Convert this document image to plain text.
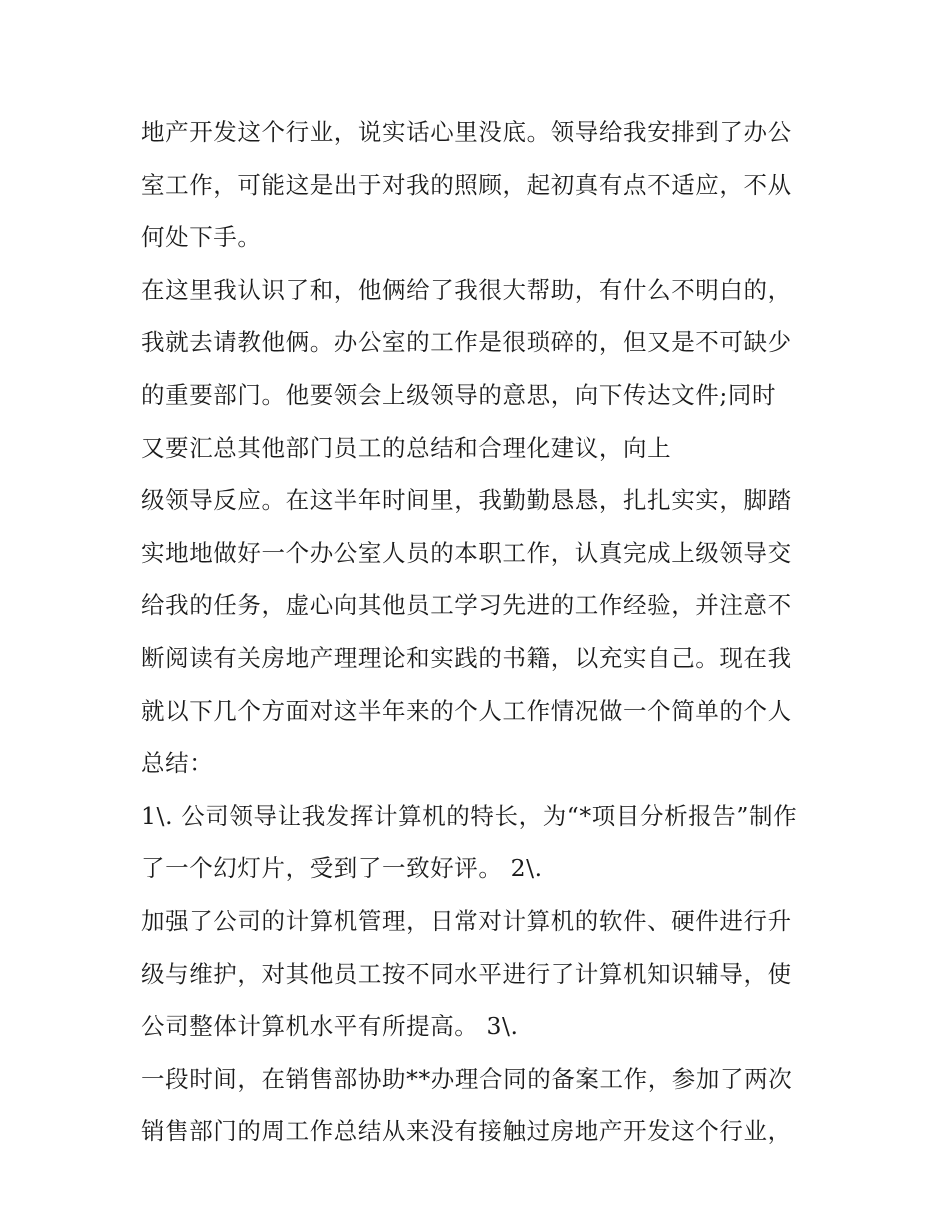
地产开发这个行业，说实话心里没底。领导给我安排到了办公
室工作，可能这是出于对我的照顾，起初真有点不适应，不从
何处下手。
在这里我认识了和，他俩给了我很大帮助，有什么不明白的，
我就去请教他俩。办公室的工作是很琐碎的，但又是不可缺少
的重要部门。他要领会上级领导的意思，向下传达文件;同时
又要汇总其他部门员工的总结和合理化建议，向上
级领导反应。在这半年时间里，我勤勤恳恳，扎扎实实，脚踏
实地地做好一个办公室人员的本职工作，认真完成上级领导交
给我的任务，虚心向其他员工学习先进的工作经验，并注意不
断阅读有关房地产理理论和实践的书籍，以充实自己。现在我
就以下几个方面对这半年来的个人工作情况做一个简单的个人
总结：
1\. 公司领导让我发挥计算机的特长，为“*项目分析报告”制作
了一个幻灯片，受到了一致好评。 2\.
加强了公司的计算机管理，日常对计算机的软件、硬件进行升
级与维护，对其他员工按不同水平进行了计算机知识辅导，使
公司整体计算机水平有所提高。 3\.
一段时间，在销售部协助**办理合同的备案工作，参加了两次
销售部门的周工作总结从来没有接触过房地产开发这个行业，
